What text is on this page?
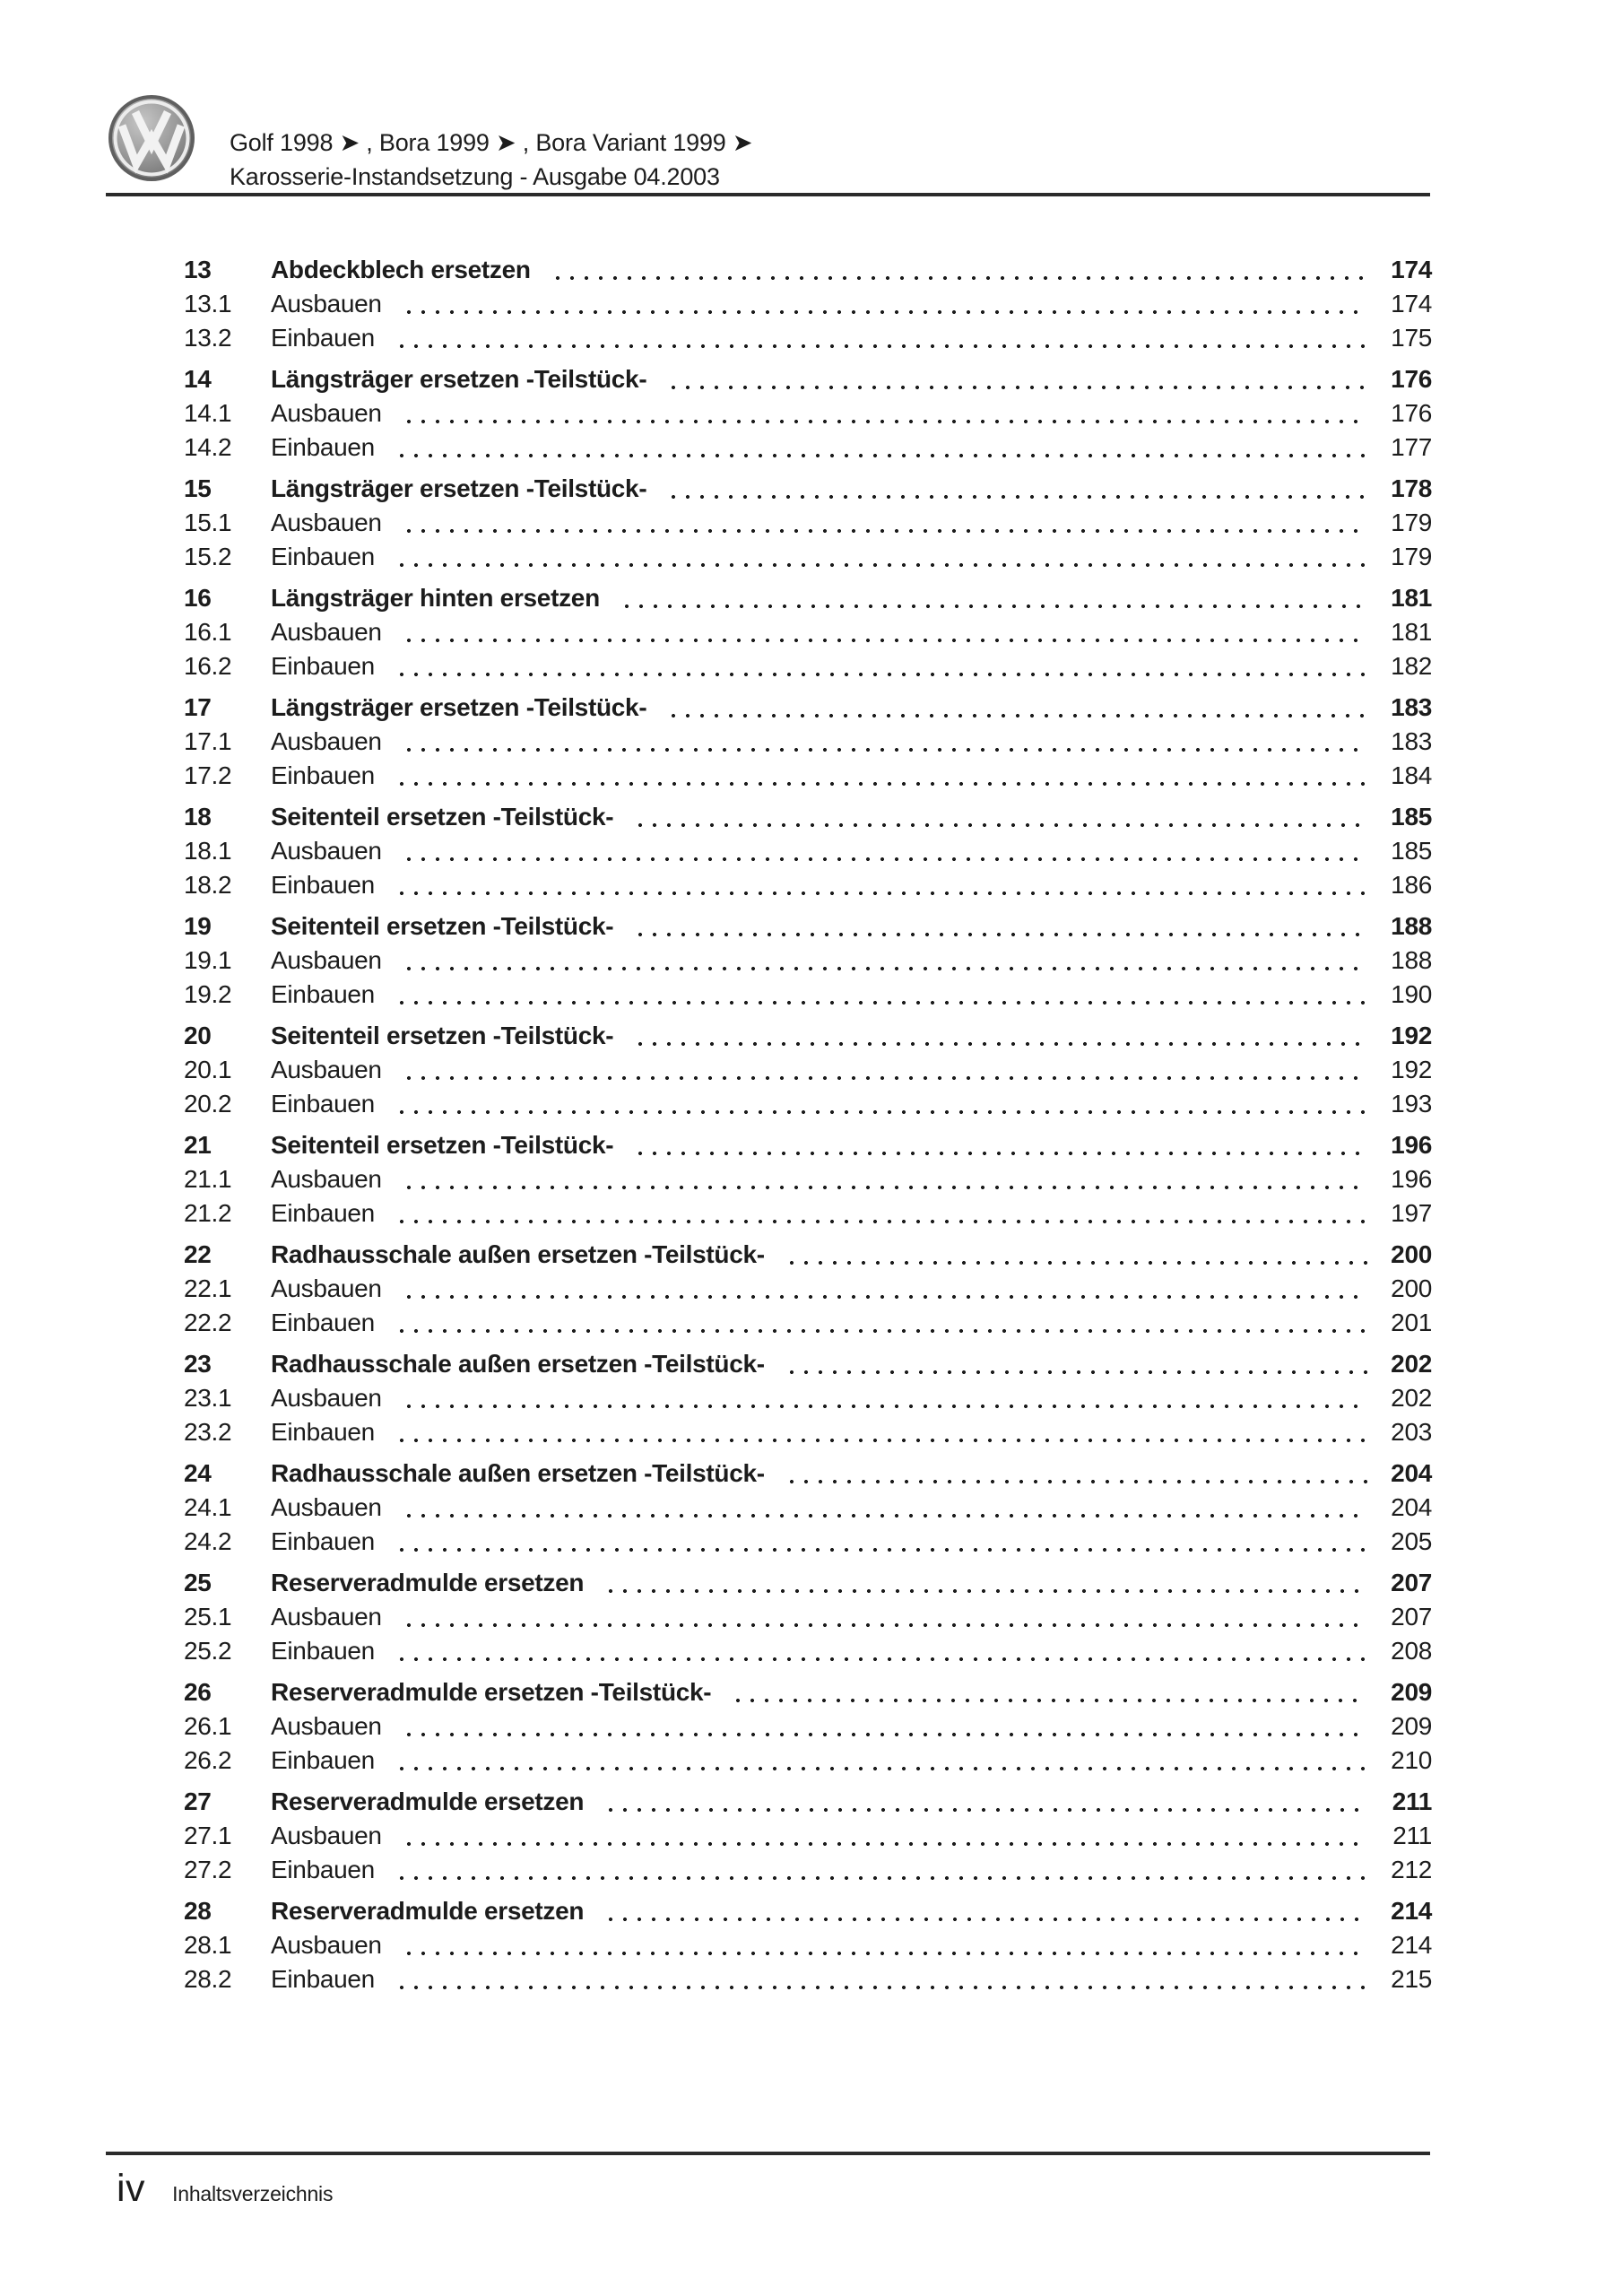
Golf 1998 ➤ , Bora 1999 ➤ , Bora Variant 1999 ➤
Karosserie-Instandsetzung - Ausgabe 04.2003
13	Abdeckblech ersetzen	174
13.1	Ausbauen	174
13.2	Einbauen	175
14	Längsträger ersetzen -Teilstück-	176
14.1	Ausbauen	176
14.2	Einbauen	177
15	Längsträger ersetzen -Teilstück-	178
15.1	Ausbauen	179
15.2	Einbauen	179
16	Längsträger hinten ersetzen	181
16.1	Ausbauen	181
16.2	Einbauen	182
17	Längsträger ersetzen -Teilstück-	183
17.1	Ausbauen	183
17.2	Einbauen	184
18	Seitenteil ersetzen -Teilstück-	185
18.1	Ausbauen	185
18.2	Einbauen	186
19	Seitenteil ersetzen -Teilstück-	188
19.1	Ausbauen	188
19.2	Einbauen	190
20	Seitenteil ersetzen -Teilstück-	192
20.1	Ausbauen	192
20.2	Einbauen	193
21	Seitenteil ersetzen -Teilstück-	196
21.1	Ausbauen	196
21.2	Einbauen	197
22	Radhausschale außen ersetzen -Teilstück-	200
22.1	Ausbauen	200
22.2	Einbauen	201
23	Radhausschale außen ersetzen -Teilstück-	202
23.1	Ausbauen	202
23.2	Einbauen	203
24	Radhausschale außen ersetzen -Teilstück-	204
24.1	Ausbauen	204
24.2	Einbauen	205
25	Reserveradmulde ersetzen	207
25.1	Ausbauen	207
25.2	Einbauen	208
26	Reserveradmulde ersetzen -Teilstück-	209
26.1	Ausbauen	209
26.2	Einbauen	210
27	Reserveradmulde ersetzen	211
27.1	Ausbauen	211
27.2	Einbauen	212
28	Reserveradmulde ersetzen	214
28.1	Ausbauen	214
28.2	Einbauen	215
iv Inhaltsverzeichnis
